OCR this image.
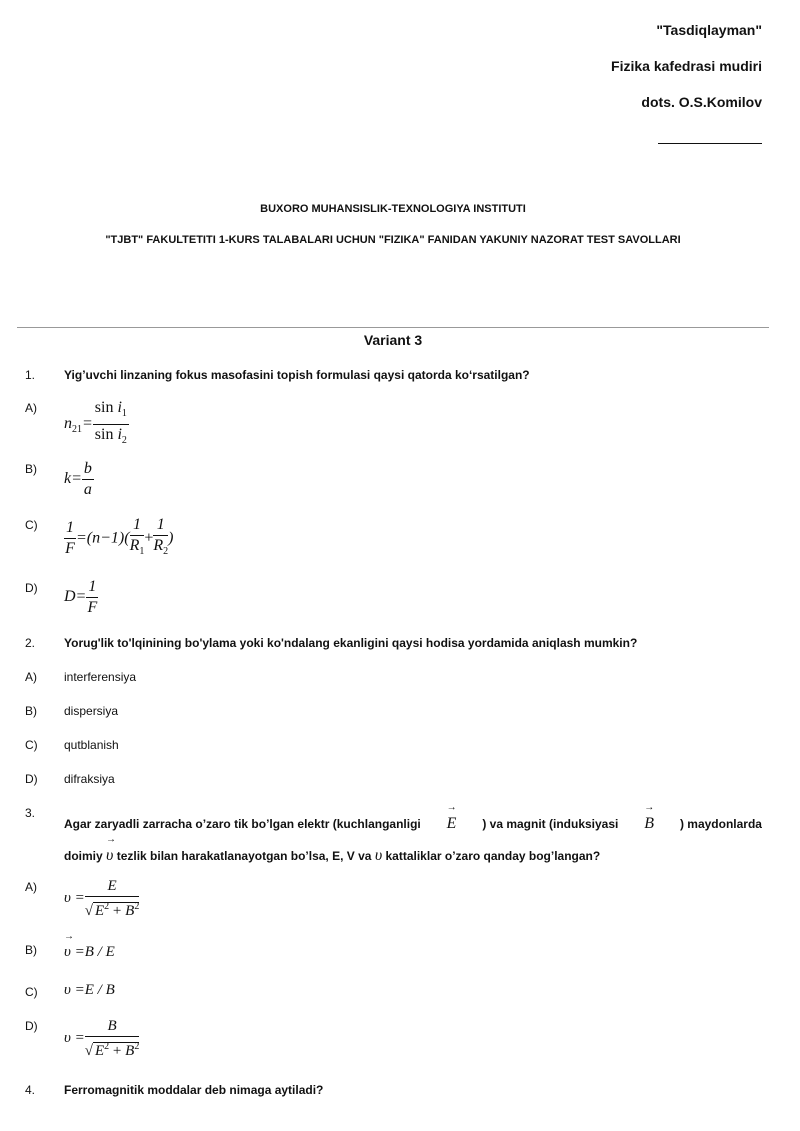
"Tasdiqlayman"
Fizika kafedrasi mudiri
dots. O.S.Komilov
BUXORO MUHANSISLIK-TEXNOLOGIYA INSTITUTI
"TJBT" FAKULTETITI 1-KURS TALABALARI UCHUN "FIZIKA" FANIDAN YAKUNIY NAZORAT TEST SAVOLLARI
Variant 3
1. Yig’uvchi linzaning fokus masofasini topish formulasi qaysi qatorda ko‘rsatilgan?
A)
$n_{21}= \frac{\sin i_1}{\sin i_2}$
B)
$k= \frac{b}{a}$
$C) \frac{1}{F} =(n-1)( \frac{1}{R_1} + \frac{1}{R_2}$ )
D)
$D= \frac{1}{F}$
2. Yorug'lik to'lqinining bo'ylama yoki ko'ndalang ekanligini qaysi hodisa yordamida aniqlash mumkin?
A) interferensiya
B) dispersiya
C) qutblanish
D) difraksiya
3.
Agar zaryadli zarracha o’zaro tik bo’lgan elektr (kuchlanganligi → E ) va magnit (induksiyasi → B ) maydonlarda
doimiy → υ tezlik bilan harakatlanayotgan bo’lsa, E, V va υ kattaliklar o’zaro qanday bog’langan?
A)
$\upsilon = \frac{E}{√ E^2 + B^2}$
B) → υ =B / E
C) υ =E / B
D)
$\upsilon = \frac{B}{√ E^2 + B^2}$
4. Ferromagnitik moddalar deb nimaga aytiladi?
